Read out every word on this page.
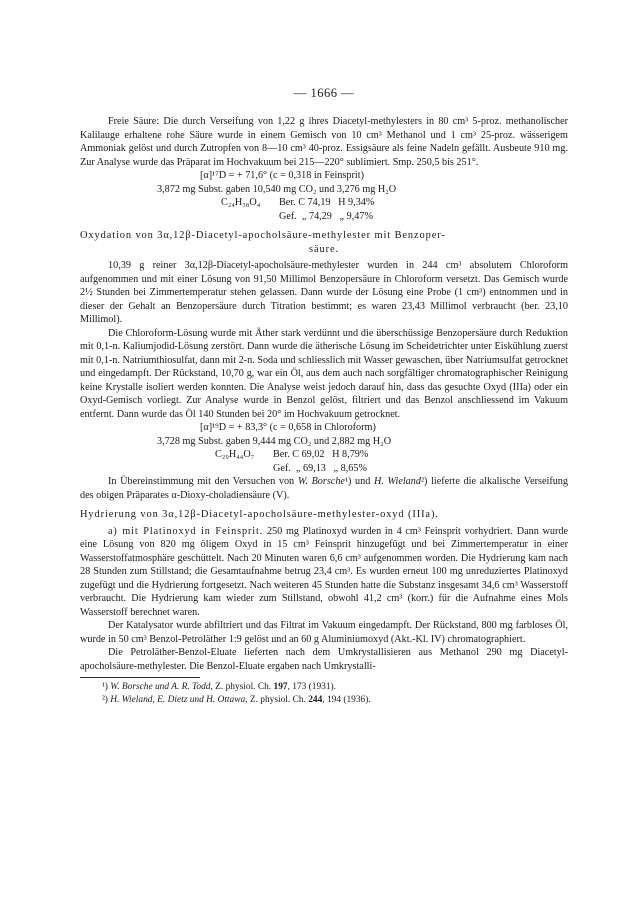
— 1666 —

Freie Säure: Die durch Verseifung von 1,22 g ihres Diacetyl-methylesters in 80 cm³ 5-proz. methanolischer Kalilauge erhaltene rohe Säure wurde in einem Gemisch von 10 cm³ Methanol und 1 cm³ 25-proz. wässerigem Ammoniak gelöst und durch Zutropfen von 8—10 cm³ 40-proz. Essigsäure als feine Nadeln gefällt. Ausbeute 910 mg. Zur Analyse wurde das Präparat im Hochvakuum bei 215—220° sublimiert. Smp. 250,5 bis 251°.

[α]¹⁷D = + 71,6° (c = 0,318 in Feinsprit)
3,872 mg Subst. gaben 10,540 mg CO₂ und 3,276 mg H₂O
C₂₄H₃₈O₄	Ber. C 74,19   H 9,34%
Gef.  „ 74,29   „ 9,47%
Oxydation von 3α,12β-Diacetyl-apocholsäure-methylester mit Benzoper-
säure.

10,39 g reiner 3α,12β-Diacetyl-apocholsäure-methylester wurden in 244 cm³ absolutem Chloroform aufgenommen und mit einer Lösung von 91,50 Millimol Benzopersäure in Chloroform versetzt. Das Gemisch wurde 2½ Stunden bei Zimmertemperatur stehen gelassen. Dann wurde der Lösung eine Probe (1 cm³) entnommen und in dieser der Gehalt an Benzopersäure durch Titration bestimmt; es waren 23,43 Millimol verbraucht (ber. 23,10 Millimol).

Die Chloroform-Lösung wurde mit Äther stark verdünnt und die überschüssige Benzopersäure durch Reduktion mit 0,1-n. Kaliumjodid-Lösung zerstört. Dann wurde die ätherische Lösung im Scheidetrichter unter Eiskühlung zuerst mit 0,1-n. Natriumthiosulfat, dann mit 2-n. Soda und schliesslich mit Wasser gewaschen, über Natriumsulfat getrocknet und eingedampft. Der Rückstand, 10,70 g, war ein Öl, aus dem auch nach sorgfältiger chromatographischer Reinigung keine Krystalle isoliert werden konnten. Die Analyse weist jedoch darauf hin, dass das gesuchte Oxyd (IIIa) oder ein Oxyd-Gemisch vorliegt. Zur Analyse wurde in Benzol gelöst, filtriert und das Benzol anschliessend im Vakuum entfernt. Dann wurde das Öl 140 Stunden bei 20° im Hochvakuum getrocknet.

[α]¹⁹D = + 83,3° (c = 0,658 in Chloroform)
3,728 mg Subst. gaben 9,444 mg CO₂ und 2,882 mg H₂O
C₂₉H₄₄O₇	Ber. C 69,02   H 8,79%
Gef.  „ 69,13   „ 8,65%

In Übereinstimmung mit den Versuchen von W. Borsche¹) und H. Wieland²) lieferte die alkalische Verseifung des obigen Präparates α-Dioxy-choladiensäure (V).

Hydrierung von 3α,12β-Diacetyl-apocholsäure-methylester-oxyd (IIIa).

a) mit Platinoxyd in Feinsprit. 250 mg Platinoxyd wurden in 4 cm³ Feinsprit vorhydriert. Dann wurde eine Lösung von 820 mg öligem Oxyd in 15 cm³ Feinsprit hinzugefügt und bei Zimmertemperatur in einer Wasserstoffatmosphäre geschüttelt. Nach 20 Minuten waren 6,6 cm³ aufgenommen worden. Die Hydrierung kam nach 28 Stunden zum Stillstand; die Gesamtaufnahme betrug 23,4 cm³. Es wurden erneut 100 mg unreduziertes Platinoxyd zugefügt und die Hydrierung fortgesetzt. Nach weiteren 45 Stunden hatte die Substanz insgesamt 34,6 cm³ Wasserstoff verbraucht. Die Hydrierung kam wieder zum Stillstand, obwohl 41,2 cm³ (korr.) für die Aufnahme eines Mols Wasserstoff berechnet waren.

Der Katalysator wurde abfiltriert und das Filtrat im Vakuum eingedampft. Der Rückstand, 800 mg farbloses Öl, wurde in 50 cm³ Benzol-Petroläther 1:9 gelöst und an 60 g Aluminiumoxyd (Akt.-Kl. IV) chromatographiert.

Die Petroläther-Benzol-Eluate lieferten nach dem Umkrystallisieren aus Methanol 290 mg Diacetyl-apocholsäure-methylester. Die Benzol-Eluate ergaben nach Umkrystalli-

¹) W. Borsche und A. R. Todd, Z. physiol. Ch. 197, 173 (1931).
²) H. Wieland, E. Dietz und H. Ottawa, Z. physiol. Ch. 244, 194 (1936).
